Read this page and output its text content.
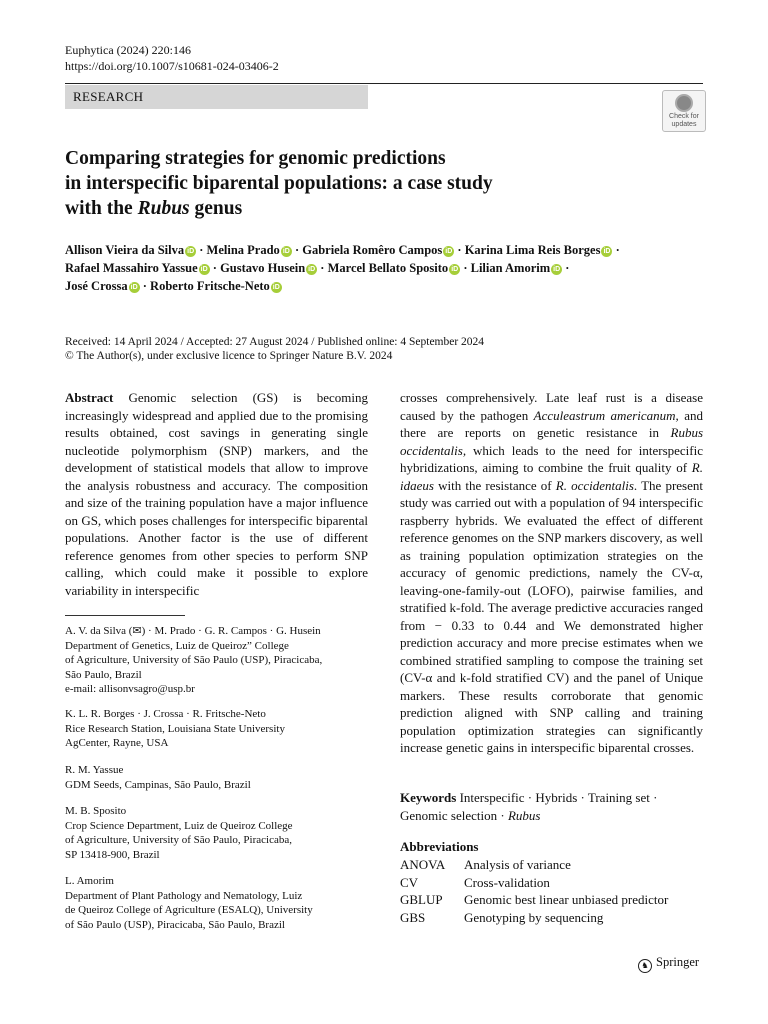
Euphytica (2024) 220:146
https://doi.org/10.1007/s10681-024-03406-2
RESEARCH
Check for
updates
Comparing strategies for genomic predictions
in interspecific biparental populations: a case study
with the Rubus genus
Allison Vieira da Silva iD · Melina Prado iD · Gabriela Romêro Campos iD · Karina Lima Reis Borges iD ·
Rafael Massahiro Yassue iD · Gustavo Husein iD · Marcel Bellato Sposito iD · Lilian Amorim iD ·
José Crossa iD · Roberto Fritsche-Neto iD
Received: 14 April 2024 / Accepted: 27 August 2024 / Published online: 4 September 2024
© The Author(s), under exclusive licence to Springer Nature B.V. 2024
Abstract Genomic selection (GS) is becoming increasingly widespread and applied due to the promising results obtained, cost savings in generating single nucleotide polymorphism (SNP) markers, and the development of statistical models that allow to improve the analysis robustness and accuracy. The composition and size of the training population have a major influence on GS, which poses challenges for interspecific biparental populations. Another factor is the use of different reference genomes from other species to perform SNP calling, which could make it possible to explore variability in interspecific
crosses comprehensively. Late leaf rust is a disease caused by the pathogen Acculeastrum americanum, and there are reports on genetic resistance in Rubus occidentalis, which leads to the need for interspecific hybridizations, aiming to combine the fruit quality of R. idaeus with the resistance of R. occidentalis. The present study was carried out with a population of 94 interspecific raspberry hybrids. We evaluated the effect of different reference genomes on the SNP markers discovery, as well as training population optimization strategies on the accuracy of genomic predictions, namely the CV-α, leaving-one-family-out (LOFO), pairwise families, and stratified k-fold. The average predictive accuracies ranged from − 0.33 to 0.44 and We demonstrated higher prediction accuracy and more precise estimates when we combined stratified sampling to compose the training set (CV-α and k-fold stratified CV) and the panel of Unique markers. These results corroborate that genomic prediction aligned with SNP calling and training population optimization strategies can significantly increase genetic gains in interspecific biparental crosses.
A. V. da Silva (✉) · M. Prado · G. R. Campos · G. Husein
Department of Genetics, Luiz de Queiroz” College
of Agriculture, University of São Paulo (USP), Piracicaba,
São Paulo, Brazil
e-mail: allisonvsagro@usp.br
K. L. R. Borges · J. Crossa · R. Fritsche-Neto
Rice Research Station, Louisiana State University
AgCenter, Rayne, USA
R. M. Yassue
GDM Seeds, Campinas, São Paulo, Brazil
M. B. Sposito
Crop Science Department, Luiz de Queiroz College
of Agriculture, University of São Paulo, Piracicaba,
SP 13418-900, Brazil
L. Amorim
Department of Plant Pathology and Nematology, Luiz
de Queiroz College of Agriculture (ESALQ), University
of São Paulo (USP), Piracicaba, São Paulo, Brazil
Keywords Interspecific · Hybrids · Training set · Genomic selection · Rubus
Abbreviations
ANOVA	Analysis of variance
CV	Cross-validation
GBLUP	Genomic best linear unbiased predictor
GBS	Genotyping by sequencing
♞ Springer
